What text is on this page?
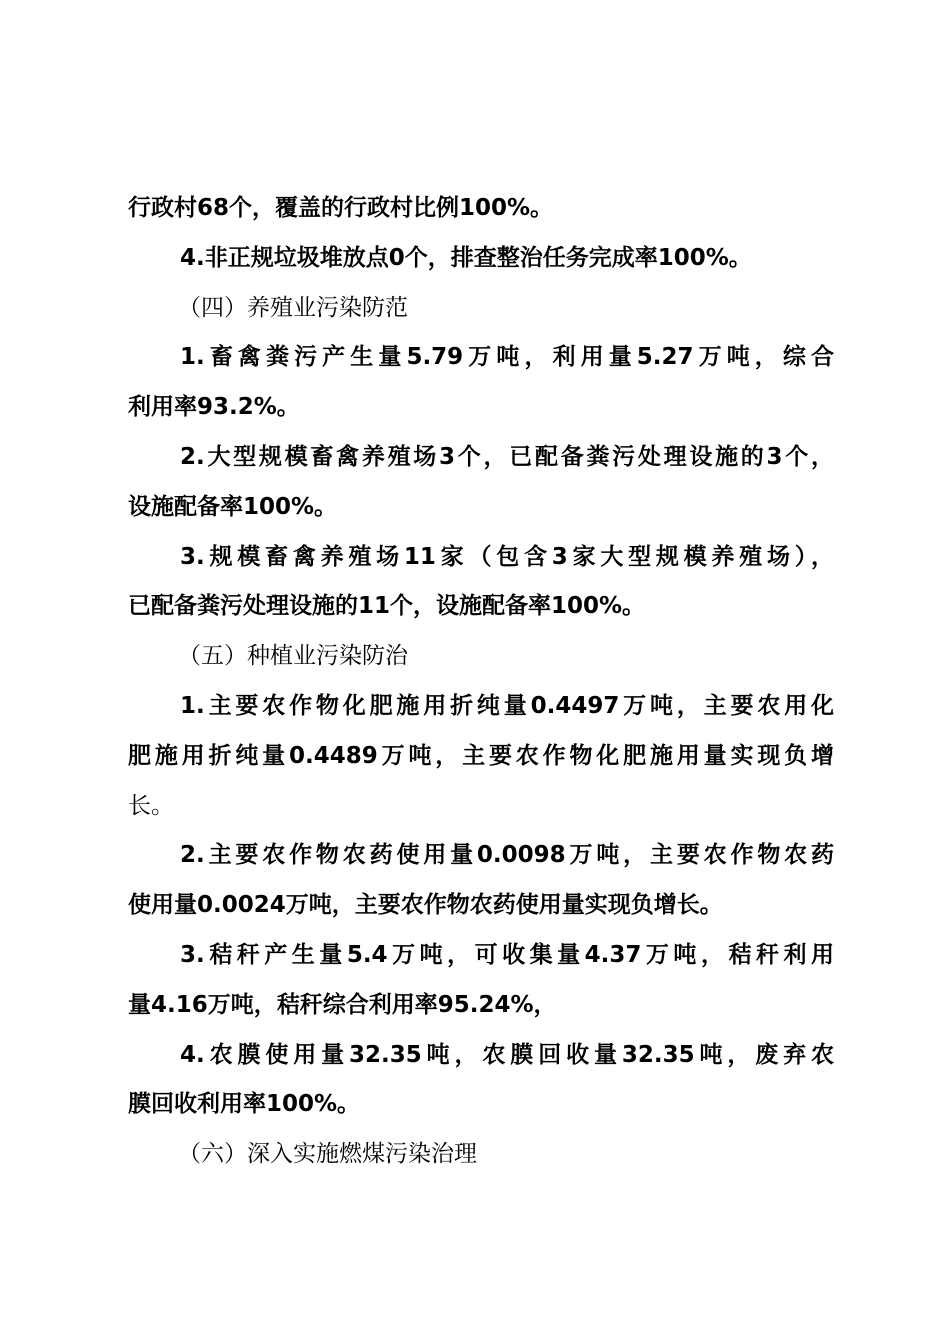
行政村68个，覆盖的行政村比例100%。
4.非正规垃圾堆放点0个，排查整治任务完成率100%。
（四）养殖业污染防范
1.畜禽粪污产生量5.79万吨，利用量5.27万吨，综合
利用率93.2%。
2.大型规模畜禽养殖场3个，已配备粪污处理设施的3个，
设施配备率100%。
3.规模畜禽养殖场11家（包含3家大型规模养殖场），
已配备粪污处理设施的11个，设施配备率100%。
（五）种植业污染防治
1.主要农作物化肥施用折纯量0.4497万吨，主要农用化
肥施用折纯量0.4489万吨，主要农作物化肥施用量实现负增
长。
2.主要农作物农药使用量0.0098万吨，主要农作物农药
使用量0.0024万吨，主要农作物农药使用量实现负增长。
3.秸秆产生量5.4万吨，可收集量4.37万吨，秸秆利用
量4.16万吨，秸秆综合利用率95.24%，
4.农膜使用量32.35吨，农膜回收量32.35吨，废弃农
膜回收利用率100%。
（六）深入实施燃煤污染治理
